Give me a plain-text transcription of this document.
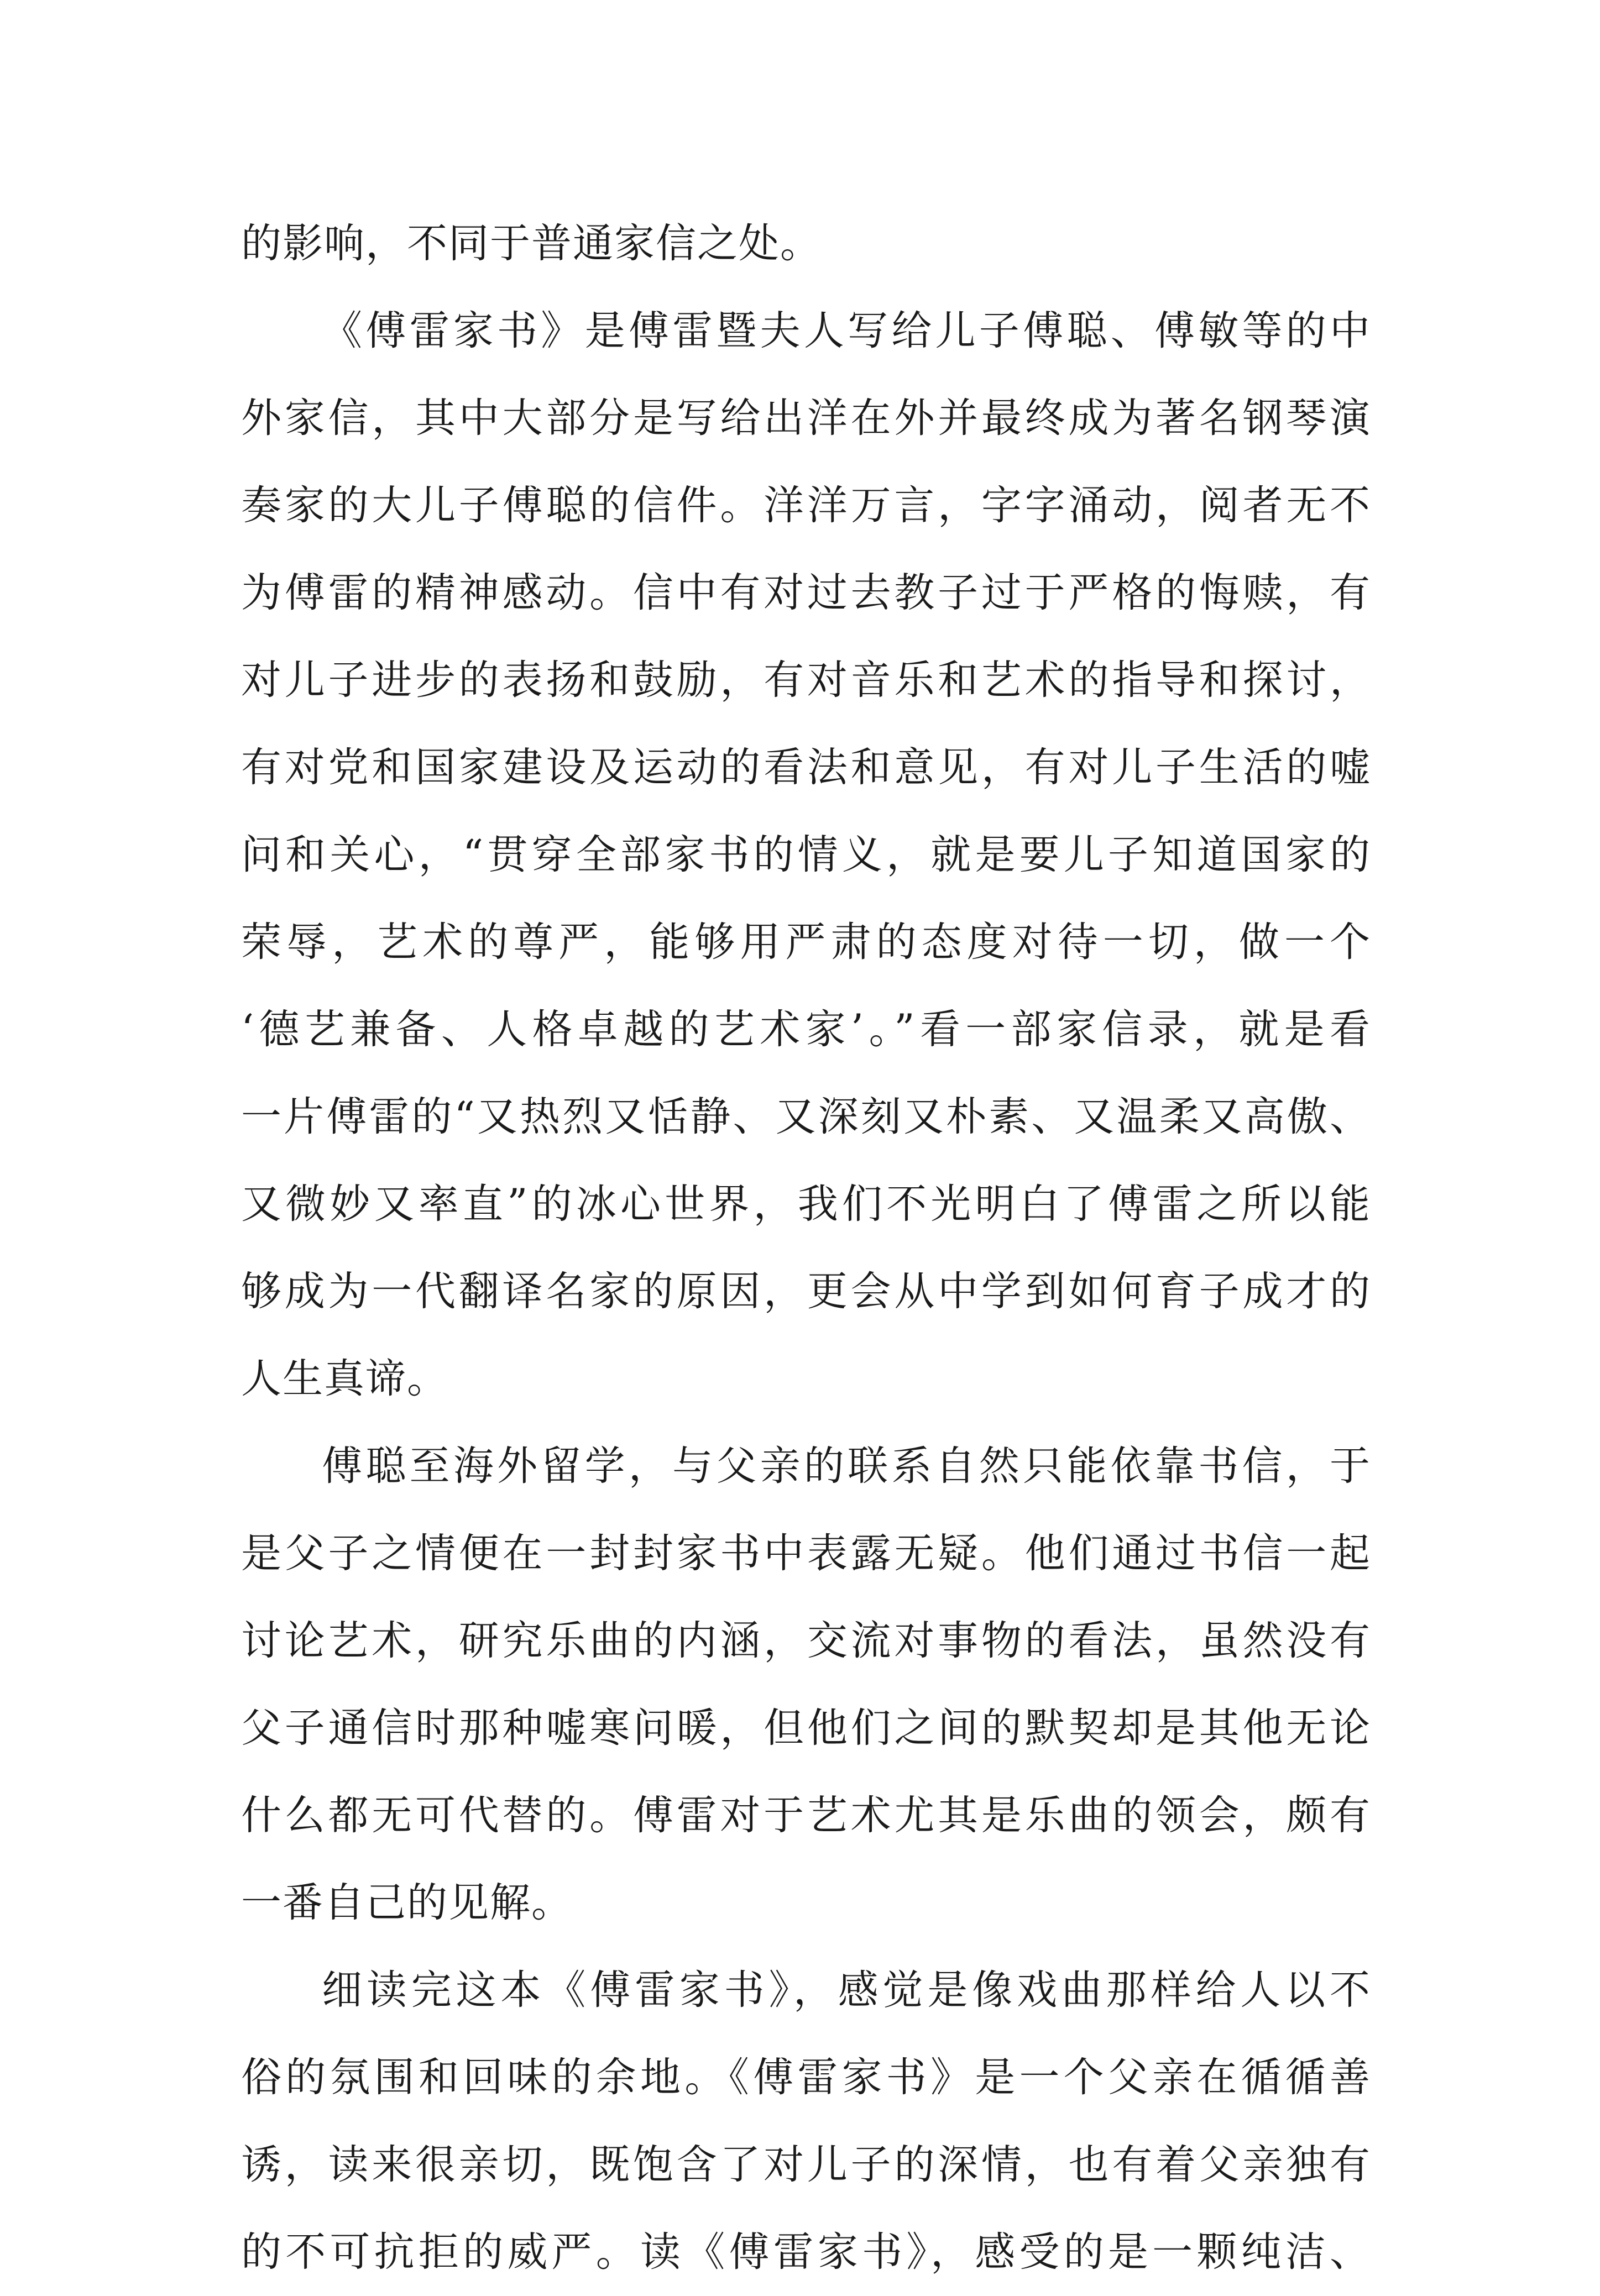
的影响，不同于普通家信之处。
《傅雷家书》是傅雷暨夫人写给儿子傅聪、傅敏等的中
外家信，其中大部分是写给出洋在外并最终成为著名钢琴演
奏家的大儿子傅聪的信件。洋洋万言，字字涌动，阅者无不
为傅雷的精神感动。信中有对过去教子过于严格的悔赎，有
对儿子进步的表扬和鼓励，有对音乐和艺术的指导和探讨，
有对党和国家建设及运动的看法和意见，有对儿子生活的嘘
问和关心，“贯穿全部家书的情义，就是要儿子知道国家的
荣辱，艺术的尊严，能够用严肃的态度对待一切，做一个
‘德艺兼备、人格卓越的艺术家’。”看一部家信录，就是看
一片傅雷的“又热烈又恬静、又深刻又朴素、又温柔又高傲、
又微妙又率直”的冰心世界，我们不光明白了傅雷之所以能
够成为一代翻译名家的原因，更会从中学到如何育子成才的
人生真谛。
傅聪至海外留学，与父亲的联系自然只能依靠书信，于
是父子之情便在一封封家书中表露无疑。他们通过书信一起
讨论艺术，研究乐曲的内涵，交流对事物的看法，虽然没有
父子通信时那种嘘寒问暖，但他们之间的默契却是其他无论
什么都无可代替的。傅雷对于艺术尤其是乐曲的领会，颇有
一番自己的见解。
细读完这本《傅雷家书》，感觉是像戏曲那样给人以不
俗的氛围和回味的余地。《傅雷家书》是一个父亲在循循善
诱，读来很亲切，既饱含了对儿子的深情，也有着父亲独有
的不可抗拒的威严。读《傅雷家书》，感受的是一颗纯洁、
